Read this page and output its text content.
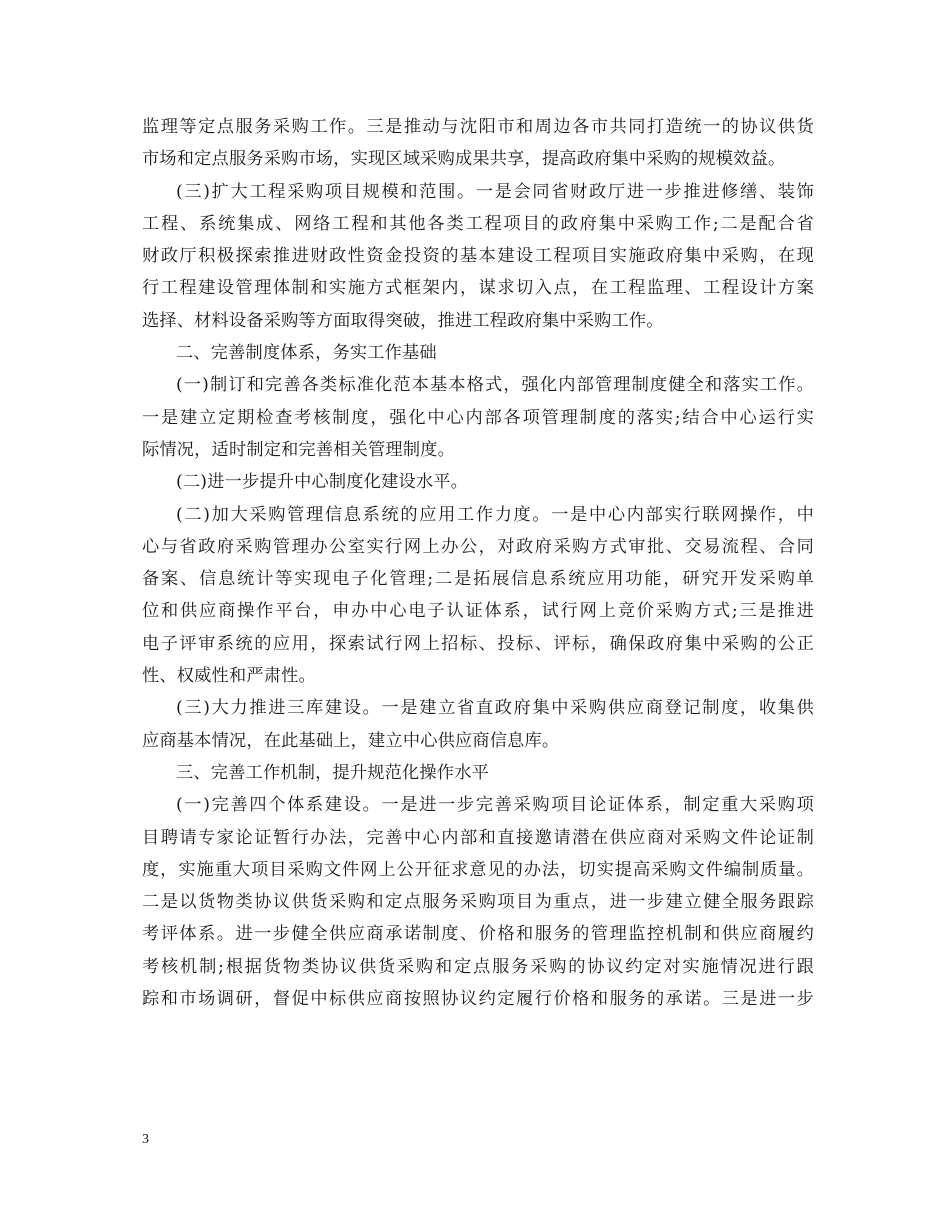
监理等定点服务采购工作。三是推动与沈阳市和周边各市共同打造统一的协议供货
市场和定点服务采购市场，实现区域采购成果共享，提高政府集中采购的规模效益。
(三)扩大工程采购项目规模和范围。一是会同省财政厅进一步推进修缮、装饰
工程、系统集成、网络工程和其他各类工程项目的政府集中采购工作;二是配合省
财政厅积极探索推进财政性资金投资的基本建设工程项目实施政府集中采购，在现
行工程建设管理体制和实施方式框架内，谋求切入点，在工程监理、工程设计方案
选择、材料设备采购等方面取得突破，推进工程政府集中采购工作。
二、完善制度体系，务实工作基础
(一)制订和完善各类标准化范本基本格式，强化内部管理制度健全和落实工作。
一是建立定期检查考核制度，强化中心内部各项管理制度的落实;结合中心运行实
际情况，适时制定和完善相关管理制度。
(二)进一步提升中心制度化建设水平。
(二)加大采购管理信息系统的应用工作力度。一是中心内部实行联网操作，中
心与省政府采购管理办公室实行网上办公，对政府采购方式审批、交易流程、合同
备案、信息统计等实现电子化管理;二是拓展信息系统应用功能，研究开发采购单
位和供应商操作平台，申办中心电子认证体系，试行网上竞价采购方式;三是推进
电子评审系统的应用，探索试行网上招标、投标、评标，确保政府集中采购的公正
性、权威性和严肃性。
(三)大力推进三库建设。一是建立省直政府集中采购供应商登记制度，收集供
应商基本情况，在此基础上，建立中心供应商信息库。
三、完善工作机制，提升规范化操作水平
(一)完善四个体系建设。一是进一步完善采购项目论证体系，制定重大采购项
目聘请专家论证暂行办法，完善中心内部和直接邀请潜在供应商对采购文件论证制
度，实施重大项目采购文件网上公开征求意见的办法，切实提高采购文件编制质量。
二是以货物类协议供货采购和定点服务采购项目为重点，进一步建立健全服务跟踪
考评体系。进一步健全供应商承诺制度、价格和服务的管理监控机制和供应商履约
考核机制;根据货物类协议供货采购和定点服务采购的协议约定对实施情况进行跟
踪和市场调研，督促中标供应商按照协议约定履行价格和服务的承诺。三是进一步
3
